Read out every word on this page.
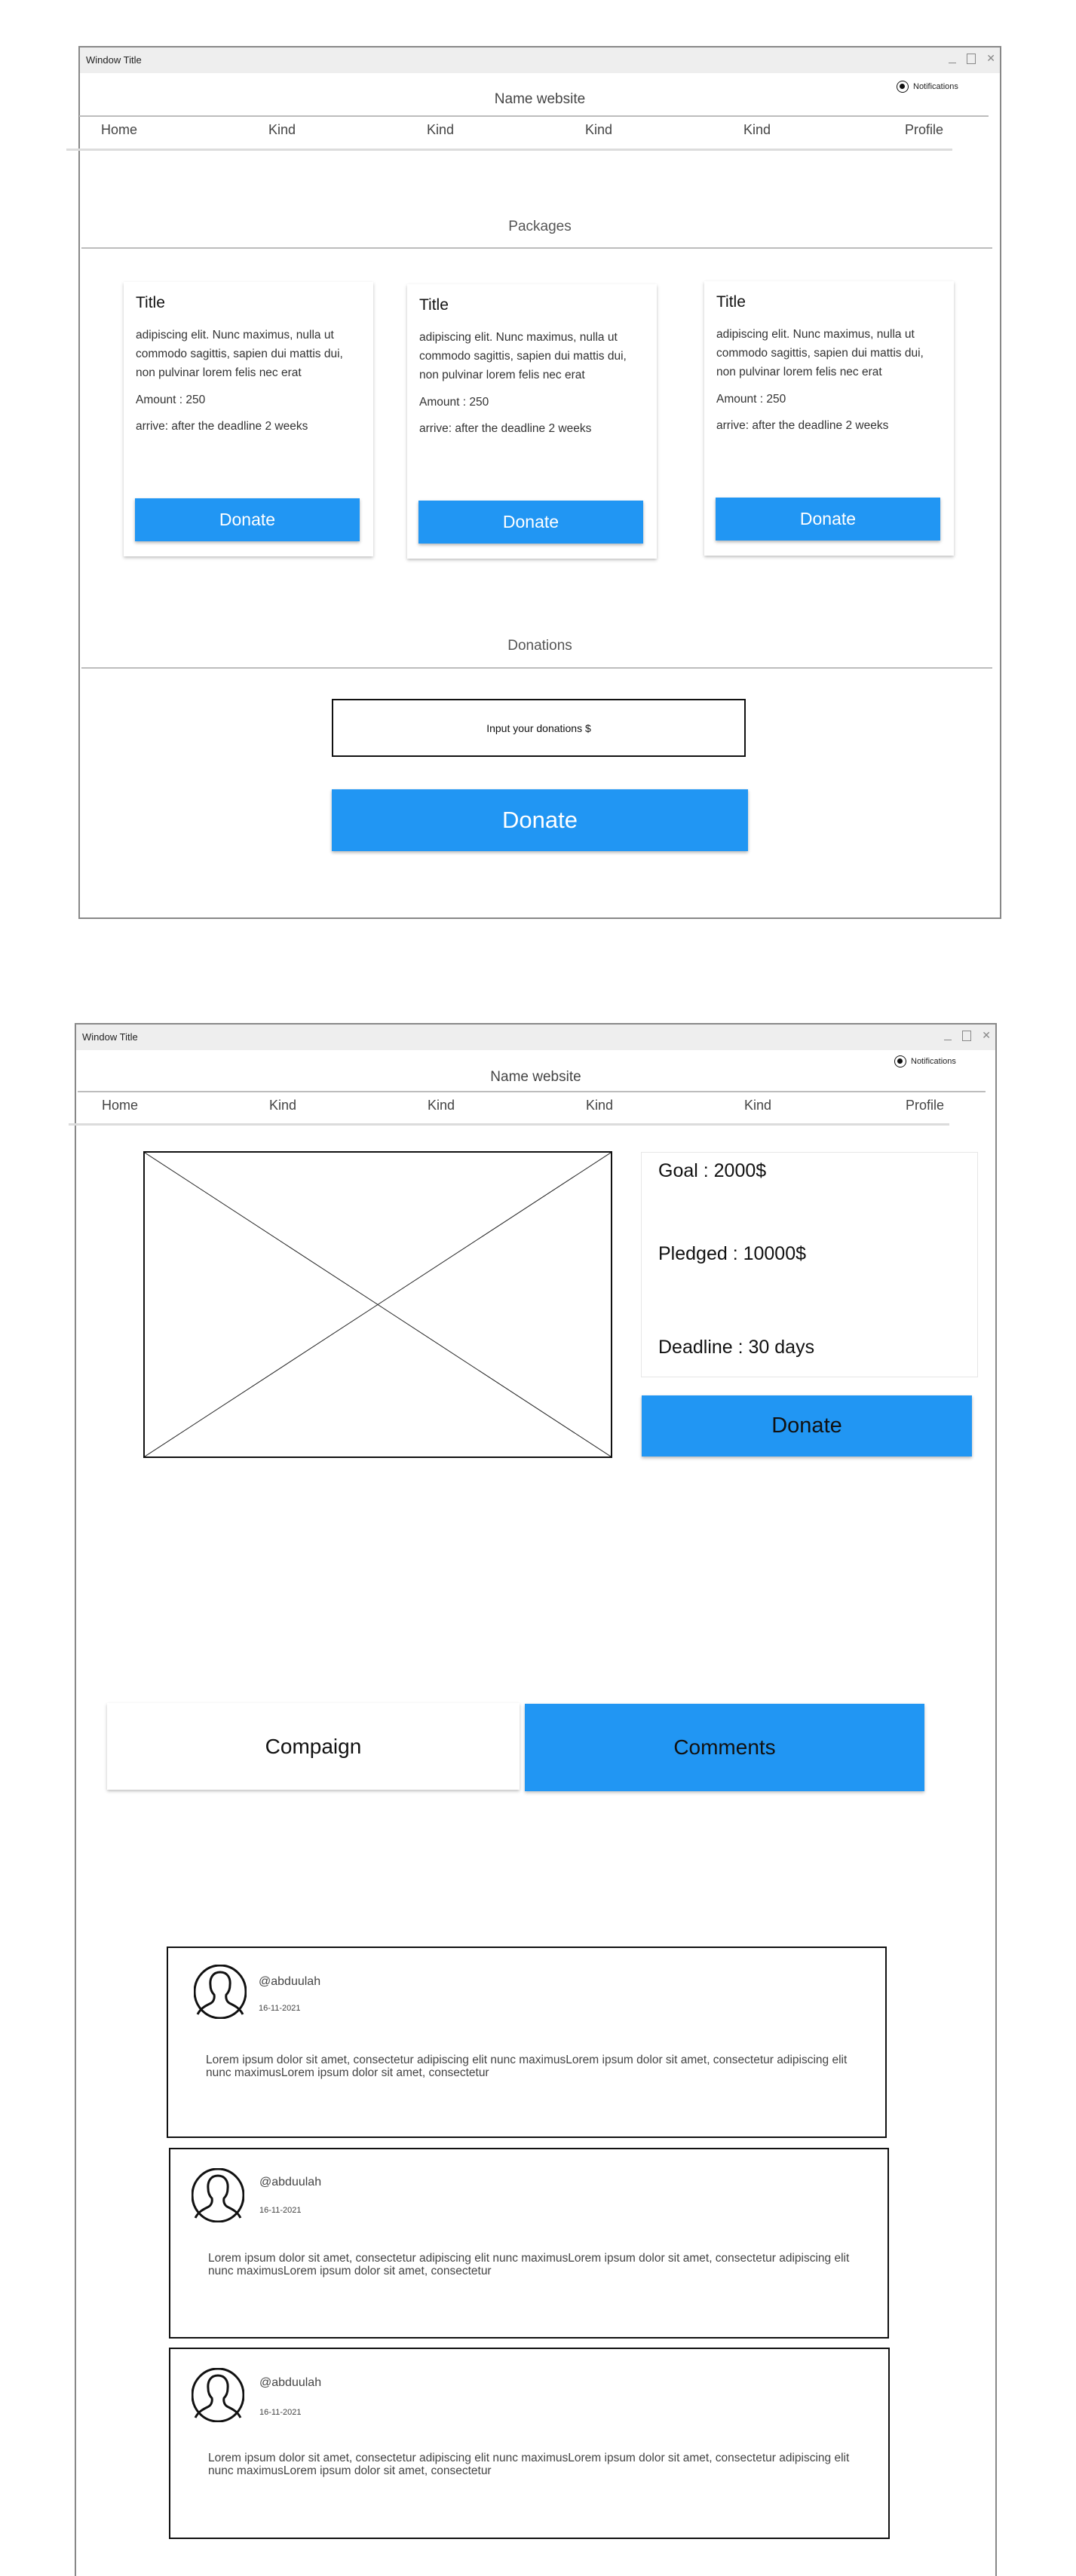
Window Title	✕
Notifications
Name website
Home	Kind	Kind	Kind	Kind	Profile
Packages
Title
adipiscing elit. Nunc maximus, nulla ut commodo sagittis, sapien dui mattis dui, non pulvinar lorem felis nec erat
Amount : 250
arrive: after the deadline 2 weeks
Donate
Title
adipiscing elit. Nunc maximus, nulla ut commodo sagittis, sapien dui mattis dui, non pulvinar lorem felis nec erat
Amount : 250
arrive: after the deadline 2 weeks
Donate
Title
adipiscing elit. Nunc maximus, nulla ut commodo sagittis, sapien dui mattis dui, non pulvinar lorem felis nec erat
Amount : 250
arrive: after the deadline 2 weeks
Donate
Donations
Input your donations $
Donate
Window Title	✕
Notifications
Name website
Home	Kind	Kind	Kind	Kind	Profile
Goal : 2000$
Pledged : 10000$
Deadline : 30 days
Donate
Compaign	Comments
@abduulah
16-11-2021
Lorem ipsum dolor sit amet, consectetur adipiscing elit nunc maximusLorem ipsum dolor sit amet, consectetur adipiscing elit nunc maximusLorem ipsum dolor sit amet, consectetur
@abduulah
16-11-2021
Lorem ipsum dolor sit amet, consectetur adipiscing elit nunc maximusLorem ipsum dolor sit amet, consectetur adipiscing elit nunc maximusLorem ipsum dolor sit amet, consectetur
@abduulah
16-11-2021
Lorem ipsum dolor sit amet, consectetur adipiscing elit nunc maximusLorem ipsum dolor sit amet, consectetur adipiscing elit nunc maximusLorem ipsum dolor sit amet, consectetur
